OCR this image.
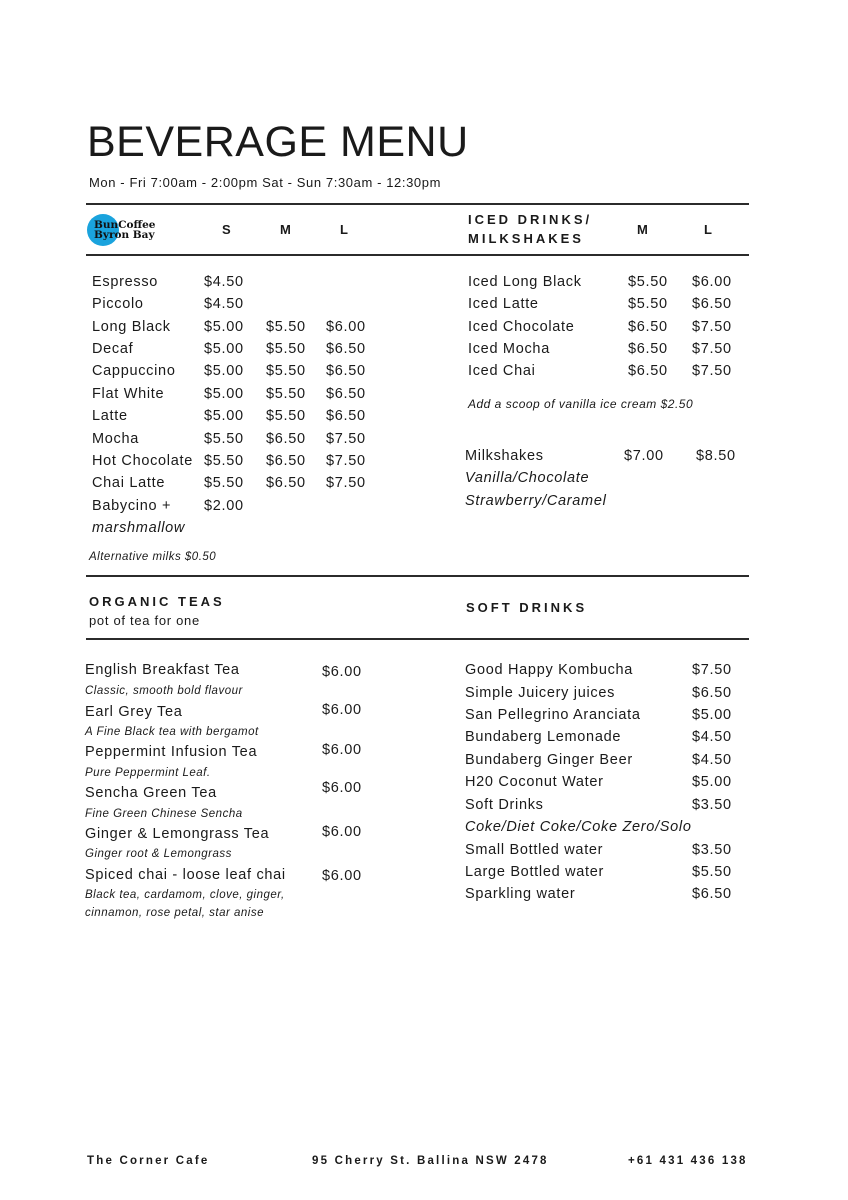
BEVERAGE MENU
Mon - Fri 7:00am - 2:00pm Sat - Sun 7:30am - 12:30pm
BunCoffee
Byron Bay	S	M	L
ICED DRINKS/
MILKSHAKES
M	L
Espresso	$4.50
Piccolo	$4.50
Long Black $5.00 $5.50 $6.00
Decaf	$5.00 $5.50 $6.50
Cappuccino $5.00 $5.50 $6.50
Flat White	$5.00 $5.50 $6.50
Latte	$5.00 $5.50 $6.50
Mocha	$5.50 $6.50 $7.50
Hot Chocolate $5.50 $6.50 $7.50
Chai Latte	$5.50 $6.50 $7.50
Babycino + $2.00
marshmallow
Alternative milks $0.50
Iced Long Black	$5.50 $6.00
Iced Latte	$5.50 $6.50
Iced Chocolate	$6.50 $7.50
Iced Mocha	$6.50 $7.50
Iced Chai	$6.50 $7.50
Add a scoop of vanilla ice cream $2.50
Milkshakes	$7.00 $8.50
Vanilla/Chocolate
Strawberry/Caramel
ORGANIC TEAS
pot of tea for one
SOFT DRINKS
English Breakfast Tea
Classic, smooth bold flavour
$6.00
Earl Grey Tea
A Fine Black tea with bergamot
$6.00
Peppermint Infusion Tea
Pure Peppermint Leaf.
$6.00
Sencha Green Tea
Fine Green Chinese Sencha
$6.00
Ginger & Lemongrass Tea
Ginger root & Lemongrass
$6.00
Spiced chai - loose leaf chai
Black tea, cardamom, clove, ginger,
cinnamon, rose petal, star anise
$6.00
Good Happy Kombucha	$7.50
Simple Juicery juices	$6.50
San Pellegrino Aranciata	$5.00
Bundaberg Lemonade	$4.50
Bundaberg Ginger Beer	$4.50
H20 Coconut Water	$5.00
Soft Drinks	$3.50
Coke/Diet Coke/Coke Zero/Solo
Small Bottled water	$3.50
Large Bottled water	$5.50
Sparkling water	$6.50
The Corner Cafe	95 Cherry St. Ballina NSW 2478	+61 431 436 138
